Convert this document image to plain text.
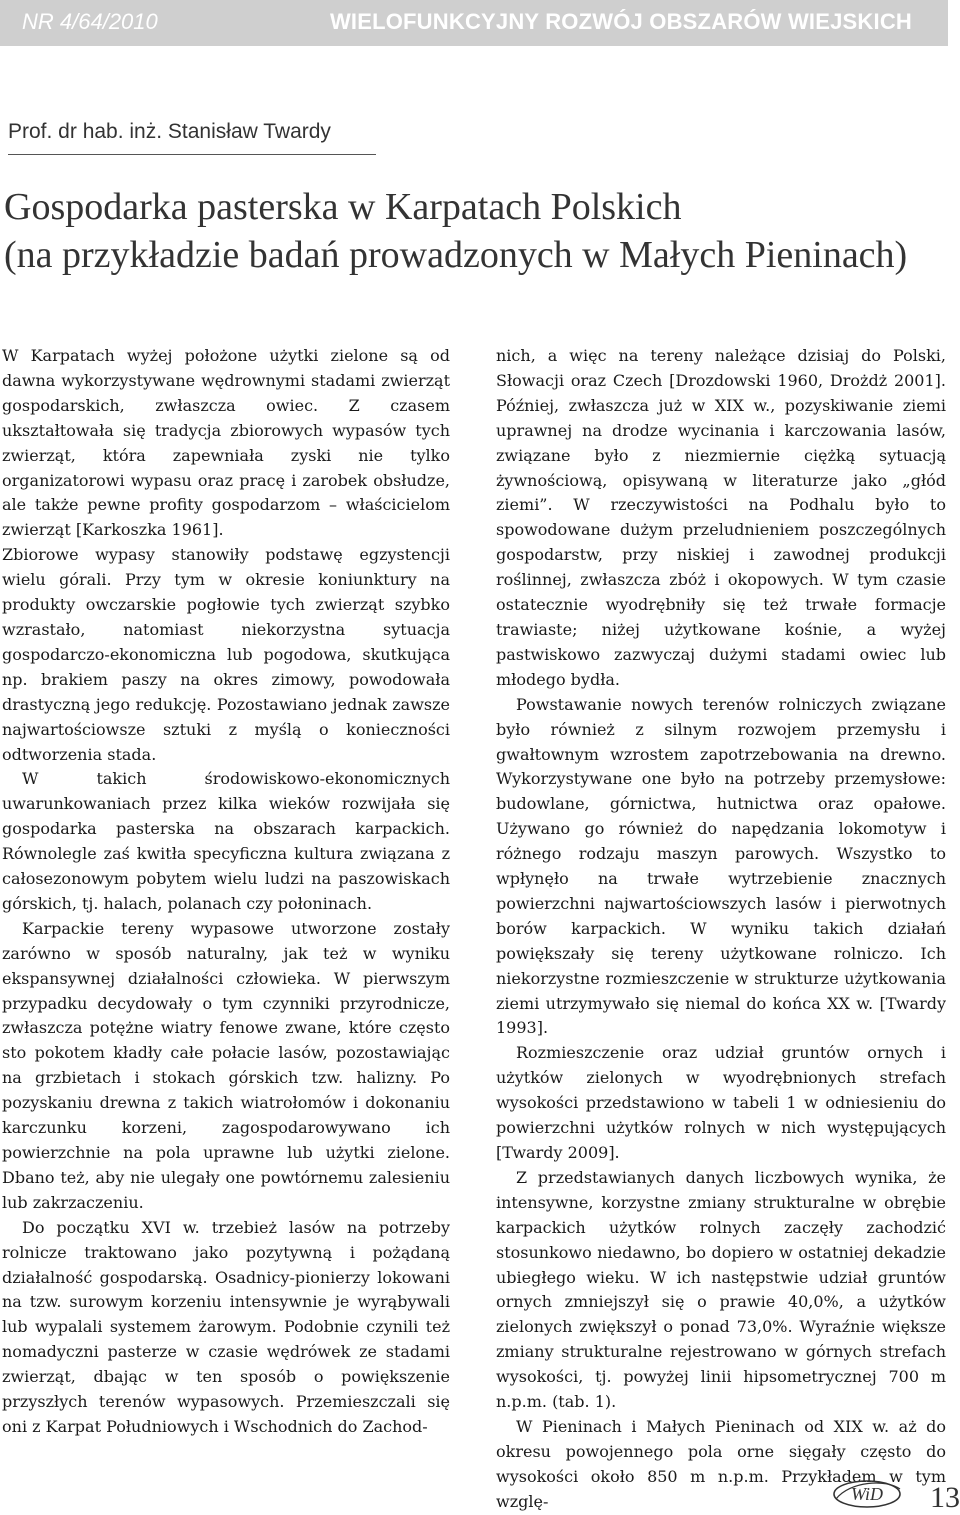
NR 4/64/2010	WIELOFUNKCYJNY ROZWÓJ OBSZARÓW WIEJSKICH
Prof. dr hab. inż. Stanisław Twardy
Gospodarka pasterska w Karpatach Polskich
(na przykładzie badań prowadzonych w Małych Pieninach)

W Karpatach wyżej położone użytki zielone są od dawna wykorzystywane wędrownymi stadami zwierząt gospodarskich, zwłaszcza owiec. Z czasem ukształtowała się tradycja zbiorowych wypasów tych zwierząt, która zapewniała zyski nie tylko organizatorowi wypasu oraz pracę i zarobek obsłudze, ale także pewne profity gospodarzom – właścicielom zwierząt [Karkoszka 1961].

Zbiorowe wypasy stanowiły podstawę egzystencji wielu górali. Przy tym w okresie koniunktury na produkty owczarskie pogłowie tych zwierząt szybko wzrastało, natomiast niekorzystna sytuacja gospodarczo-ekonomiczna lub pogodowa, skutkująca np. brakiem paszy na okres zimowy, powodowała drastyczną jego redukcję. Pozostawiano jednak zawsze najwartościowsze sztuki z myślą o konieczności odtworzenia stada.

W takich środowiskowo-ekonomicznych uwarunkowaniach przez kilka wieków rozwijała się gospodarka pasterska na obszarach karpackich. Równolegle zaś kwitła specyficzna kultura związana z całosezonowym pobytem wielu ludzi na paszowiskach górskich, tj. halach, polanach czy połoninach.

Karpackie tereny wypasowe utworzone zostały zarówno w sposób naturalny, jak też w wyniku ekspansywnej działalności człowieka. W pierwszym przypadku decydowały o tym czynniki przyrodnicze, zwłaszcza potężne wiatry fenowe zwane, które często sto pokotem kładły całe połacie lasów, pozostawiając na grzbietach i stokach górskich tzw. halizny. Po pozyskaniu drewna z takich wiatrołomów i dokonaniu karczunku korzeni, zagospodarowywano ich powierzchnie na pola uprawne lub użytki zielone. Dbano też, aby nie ulegały one powtórnemu zalesieniu lub zakrzaczeniu.

Do początku XVI w. trzebież lasów na potrzeby rolnicze traktowano jako pozytywną i pożądaną działalność gospodarską. Osadnicy-pionierzy lokowani na tzw. surowym korzeniu intensywnie je wyrąbywali lub wypalali systemem żarowym. Podobnie czynili też nomadyczni pasterze w czasie wędrówek ze stadami zwierząt, dbając w ten sposób o powiększenie przyszłych terenów wypasowych. Przemieszczali się oni z Karpat Południowych i Wschodnich do Zachod-

nich, a więc na tereny należące dzisiaj do Polski, Słowacji oraz Czech [Drozdowski 1960, Drożdż 2001]. Później, zwłaszcza już w XIX w., pozyskiwanie ziemi uprawnej na drodze wycinania i karczowania lasów, związane było z niezmiernie ciężką sytuacją żywnościową, opisywaną w literaturze jako „głód ziemi”. W rzeczywistości na Podhalu było to spowodowane dużym przeludnieniem poszczególnych gospodarstw, przy niskiej i zawodnej produkcji roślinnej, zwłaszcza zbóż i okopowych. W tym czasie ostatecznie wyodrębniły się też trwałe formacje trawiaste; niżej użytkowane kośnie, a wyżej pastwiskowo zazwyczaj dużymi stadami owiec lub młodego bydła.

Powstawanie nowych terenów rolniczych związane było również z silnym rozwojem przemysłu i gwałtownym wzrostem zapotrzebowania na drewno. Wykorzystywane one było na potrzeby przemysłowe: budowlane, górnictwa, hutnictwa oraz opałowe. Używano go również do napędzania lokomotyw i różnego rodzaju maszyn parowych. Wszystko to wpłynęło na trwałe wytrzebienie znacznych powierzchni najwartościowszych lasów i pierwotnych borów karpackich. W wyniku takich działań powiększały się tereny użytkowane rolniczo. Ich niekorzystne rozmieszczenie w strukturze użytkowania ziemi utrzymywało się niemal do końca XX w. [Twardy 1993].

Rozmieszczenie oraz udział gruntów ornych i użytków zielonych w wyodrębnionych strefach wysokości przedstawiono w tabeli 1 w odniesieniu do powierzchni użytków rolnych w nich występujących [Twardy 2009].

Z przedstawianych danych liczbowych wynika, że intensywne, korzystne zmiany strukturalne w obrębie karpackich użytków rolnych zaczęły zachodzić stosunkowo niedawno, bo dopiero w ostatniej dekadzie ubiegłego wieku. W ich następstwie udział gruntów ornych zmniejszył się o prawie 40,0%, a użytków zielonych zwiększył o ponad 73,0%. Wyraźnie większe zmiany strukturalne rejestrowano w górnych strefach wysokości, tj. powyżej linii hipsometrycznej 700 m n.p.m. (tab. 1).

W Pieninach i Małych Pieninach od XIX w. aż do okresu powojennego pola orne sięgały często do wysokości około 850 m n.p.m. Przykładem w tym wzglę-	WiD 13
